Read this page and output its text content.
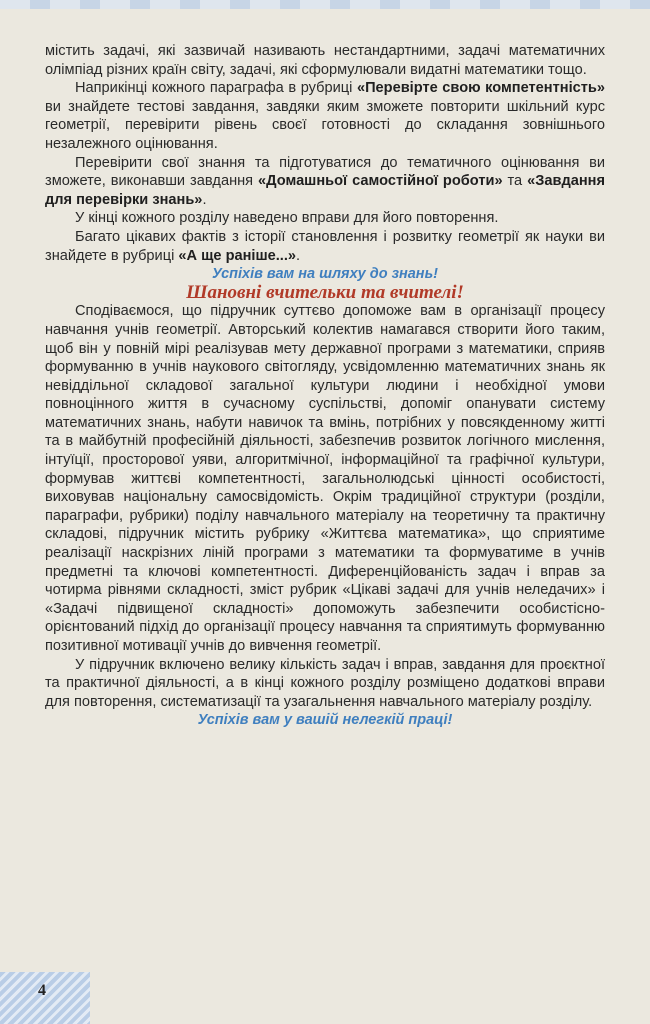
містить задачі, які зазвичай називають нестандартними, задачі математичних олімпіад різних країн світу, задачі, які сформулювали видатні математики тощо.

Наприкінці кожного параграфа в рубриці «Перевірте свою компетентність» ви знайдете тестові завдання, завдяки яким зможете повторити шкільний курс геометрії, перевірити рівень своєї готовності до складання зовнішнього незалежного оцінювання.

Перевірити свої знання та підготуватися до тематичного оцінювання ви зможете, виконавши завдання «Домашньої самостійної роботи» та «Завдання для перевірки знань».

У кінці кожного розділу наведено вправи для його повторення.

Багато цікавих фактів з історії становлення і розвитку геометрії як науки ви знайдете в рубриці «А ще раніше...».

Успіхів вам на шляху до знань!

Шановні вчительки та вчителі!

Сподіваємося, що підручник суттєво допоможе вам в організації процесу навчання учнів геометрії. Авторський колектив намагався створити його таким, щоб він у повній мірі реалізував мету державної програми з математики, сприяв формуванню в учнів наукового світогляду, усвідомленню математичних знань як невіддільної складової загальної культури людини і необхідної умови повноцінного життя в сучасному суспільстві, допоміг опанувати систему математичних знань, набути навичок та вмінь, потрібних у повсякденному житті та в майбутній професійній діяльності, забезпечив розвиток логічного мислення, інтуїції, просторової уяви, алгоритмічної, інформаційної та графічної культури, формував життєві компетентності, загальнолюдські цінності особистості, виховував національну самосвідомість. Окрім традиційної структури (розділи, параграфи, рубрики) поділу навчального матеріалу на теоретичну та практичну складові, підручник містить рубрику «Життєва математика», що сприятиме реалізації наскрізних ліній програми з математики та формуватиме в учнів предметні та ключові компетентності. Диференційованість задач і вправ за чотирма рівнями складності, зміст рубрик «Цікаві задачі для учнів неледачих» і «Задачі підвищеної складності» допоможуть забезпечити особистісно-орієнтований підхід до організації процесу навчання та сприятимуть формуванню позитивної мотивації учнів до вивчення геометрії.

У підручник включено велику кількість задач і вправ, завдання для проєктної та практичної діяльності, а в кінці кожного розділу розміщено додаткові вправи для повторення, систематизації та узагальнення навчального матеріалу розділу.

Успіхів вам у вашій нелегкій праці!

4
